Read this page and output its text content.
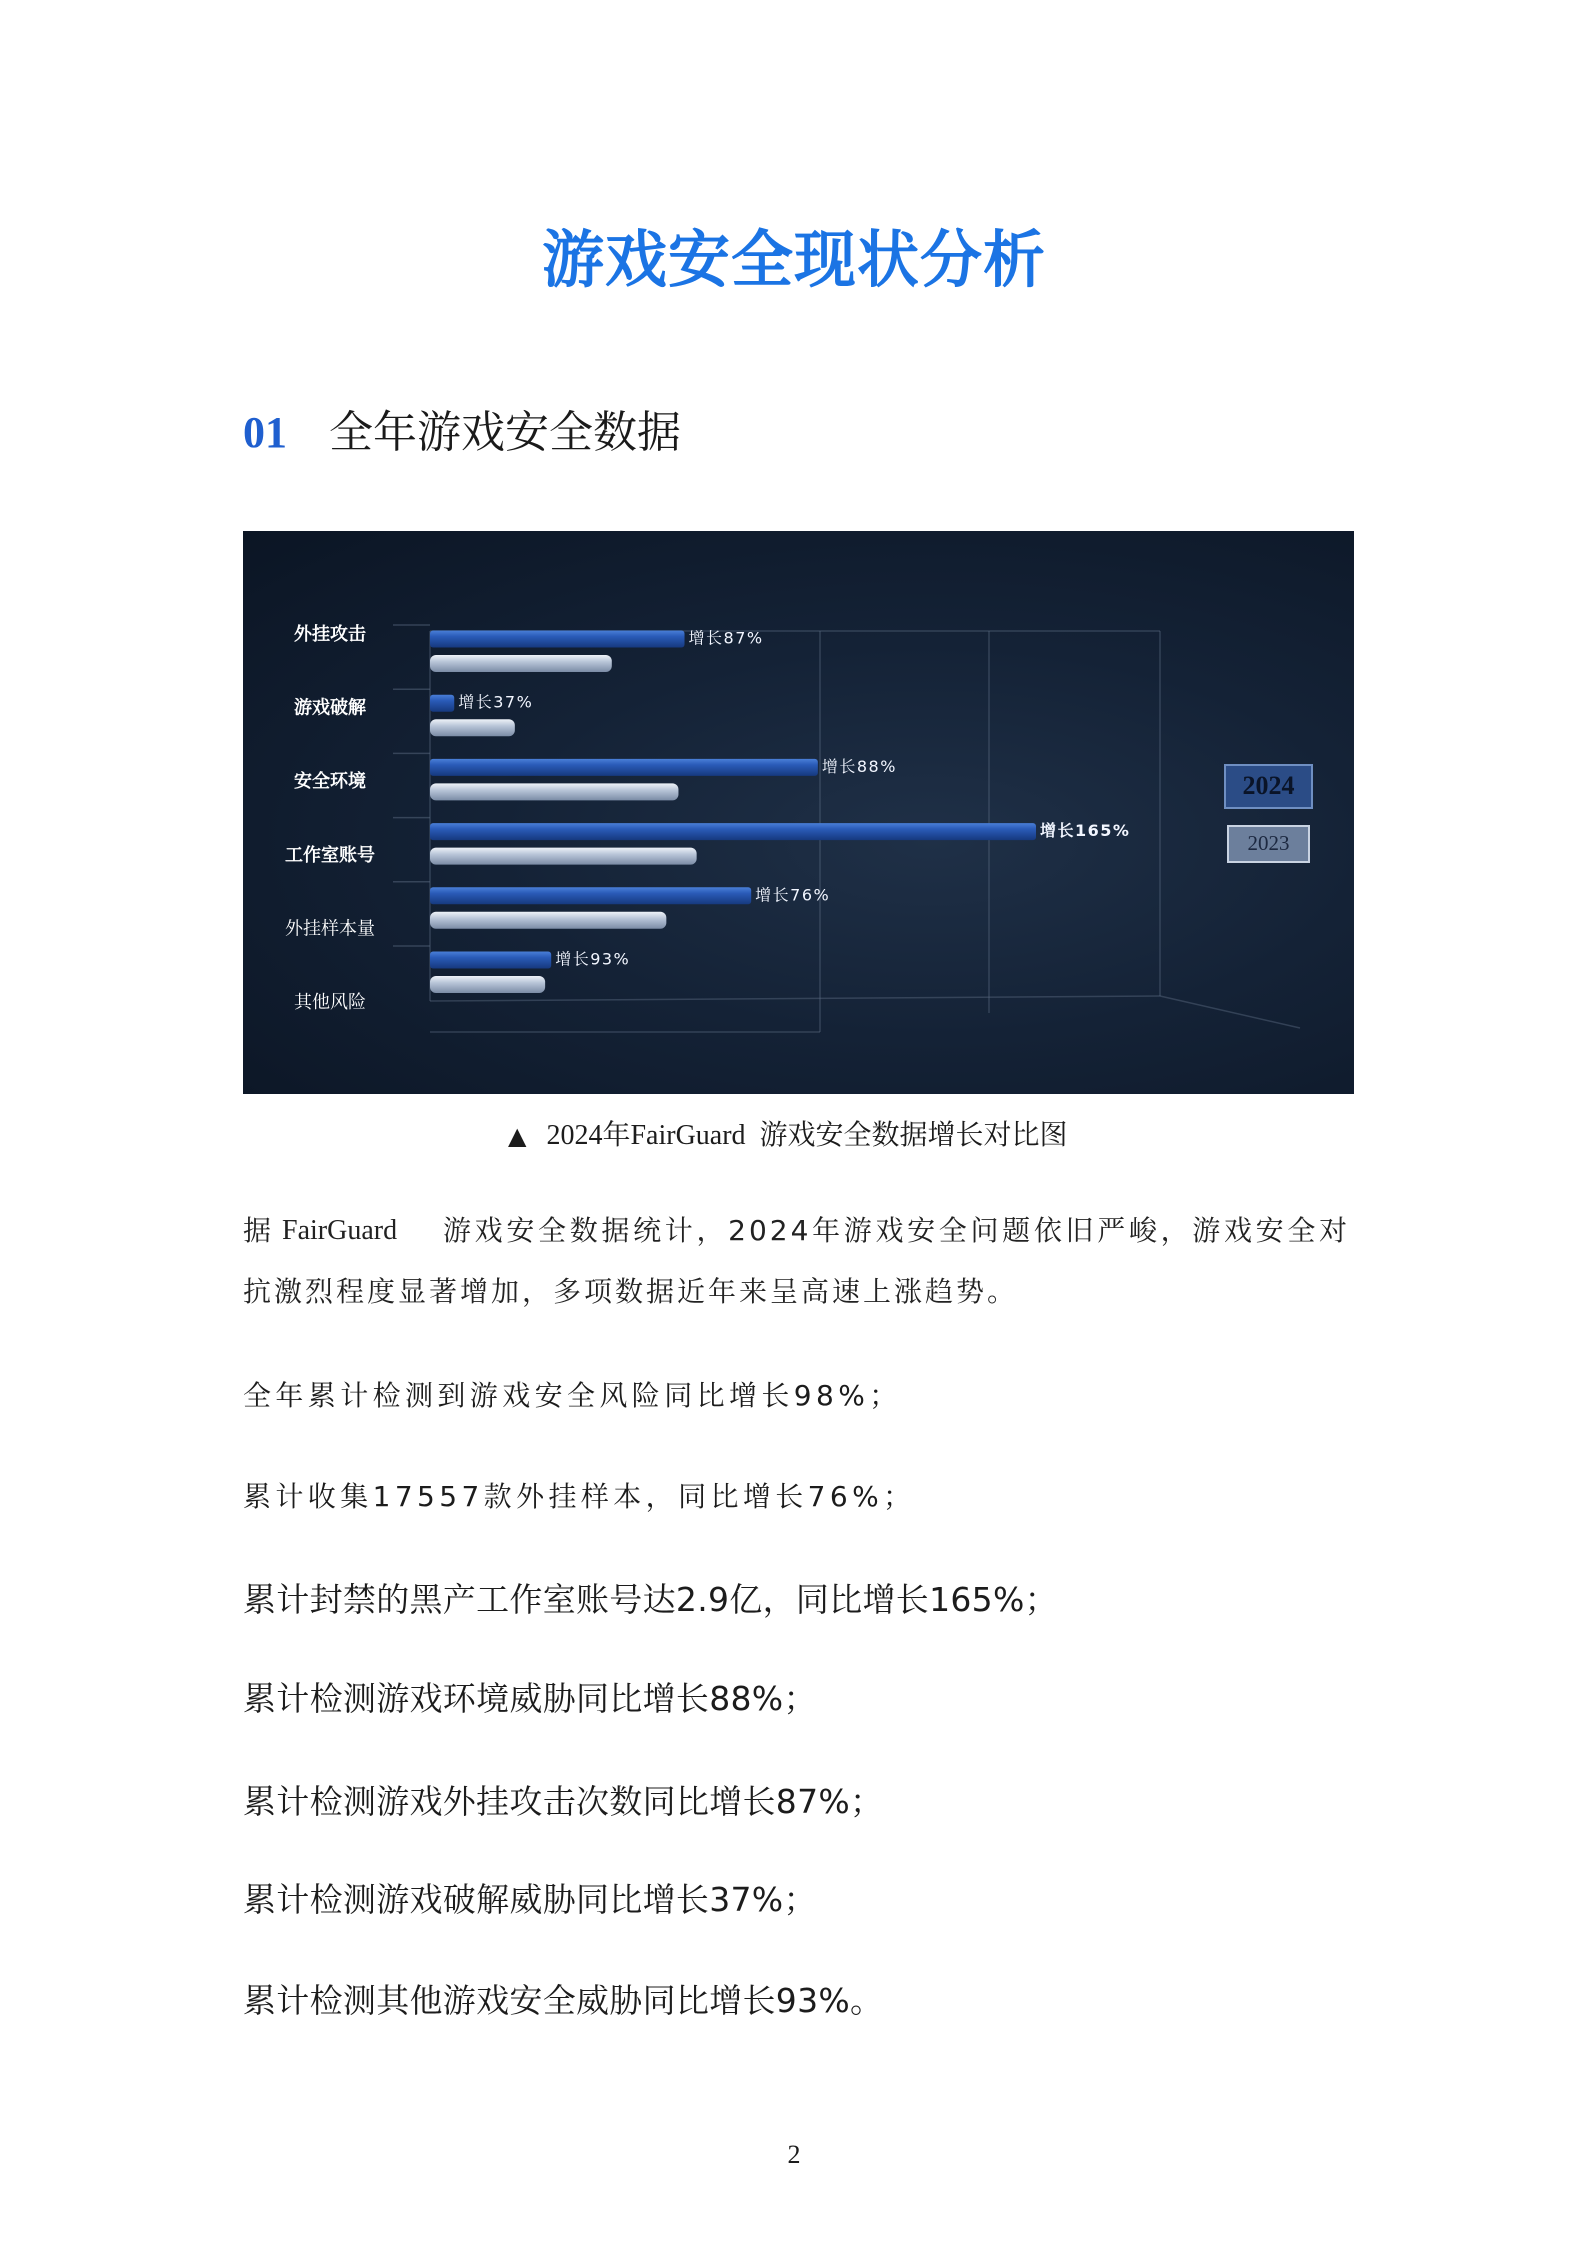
游戏安全现状分析
01 全年游戏安全数据
外挂攻击	增长87%
游戏破解	增长37%
安全环境
增长88%
工作室账号
增长165%
外挂样本量
增长76%
其他风险
增长93%
2024
2023
▲ 2024年FairGuard 游戏安全数据增长对比图
据 FairGuard 游戏安全数据统计，2024年游戏安全问题依旧严峻，游戏安全对
抗激烈程度显著增加，多项数据近年来呈高速上涨趋势。
全年累计检测到游戏安全风险同比增长98%；
累计收集17557款外挂样本，同比增长76%；
累计封禁的黑产工作室账号达2.9亿，同比增长165%；
累计检测游戏环境威胁同比增长88%；
累计检测游戏外挂攻击次数同比增长87%；
累计检测游戏破解威胁同比增长37%；
累计检测其他游戏安全威胁同比增长93%。
2
